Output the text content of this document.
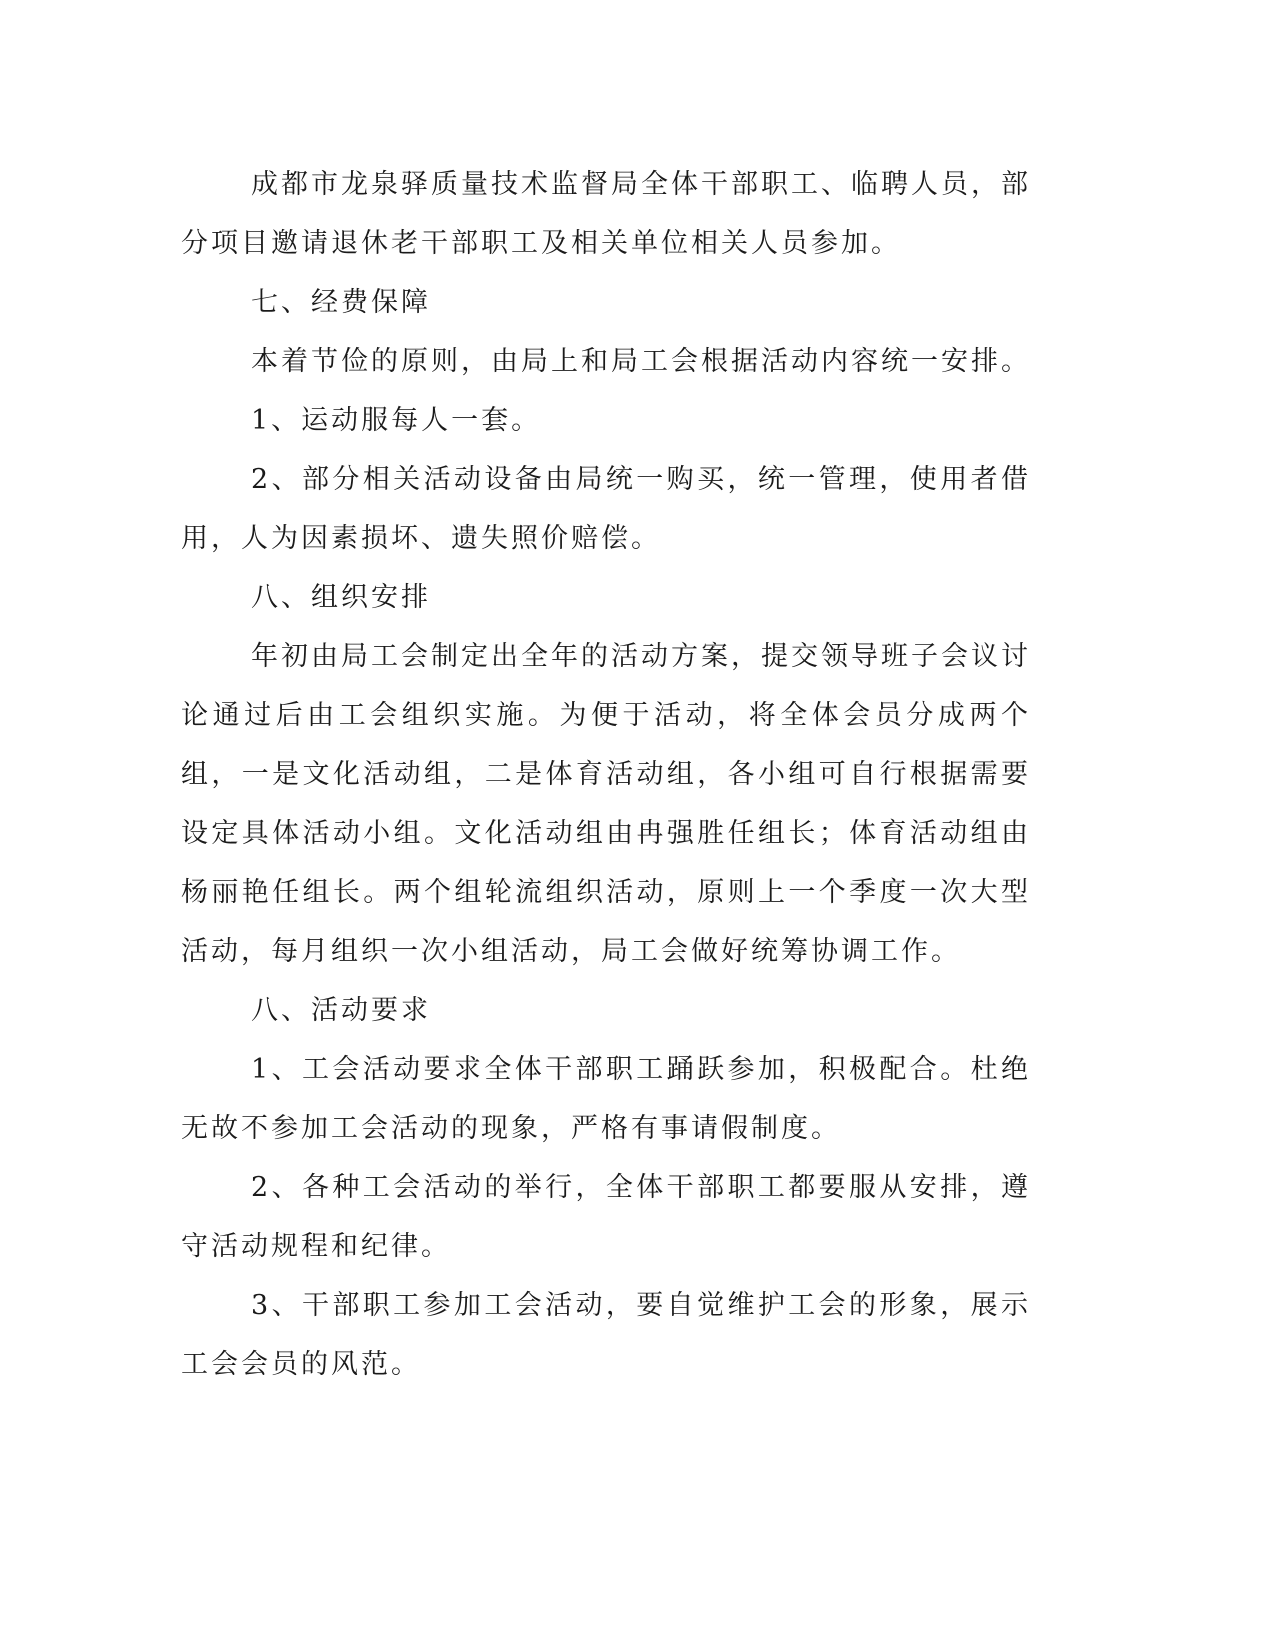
成都市龙泉驿质量技术监督局全体干部职工、临聘人员，部分项目邀请退休老干部职工及相关单位相关人员参加。

七、经费保障

本着节俭的原则，由局上和局工会根据活动内容统一安排。

1、运动服每人一套。

2、部分相关活动设备由局统一购买，统一管理，使用者借用，人为因素损坏、遗失照价赔偿。

八、组织安排

年初由局工会制定出全年的活动方案，提交领导班子会议讨论通过后由工会组织实施。为便于活动，将全体会员分成两个组，一是文化活动组，二是体育活动组，各小组可自行根据需要设定具体活动小组。文化活动组由冉强胜任组长；体育活动组由杨丽艳任组长。两个组轮流组织活动，原则上一个季度一次大型活动，每月组织一次小组活动，局工会做好统筹协调工作。

八、活动要求

1、工会活动要求全体干部职工踊跃参加，积极配合。杜绝无故不参加工会活动的现象，严格有事请假制度。

2、各种工会活动的举行，全体干部职工都要服从安排，遵守活动规程和纪律。

3、干部职工参加工会活动，要自觉维护工会的形象，展示工会会员的风范。
